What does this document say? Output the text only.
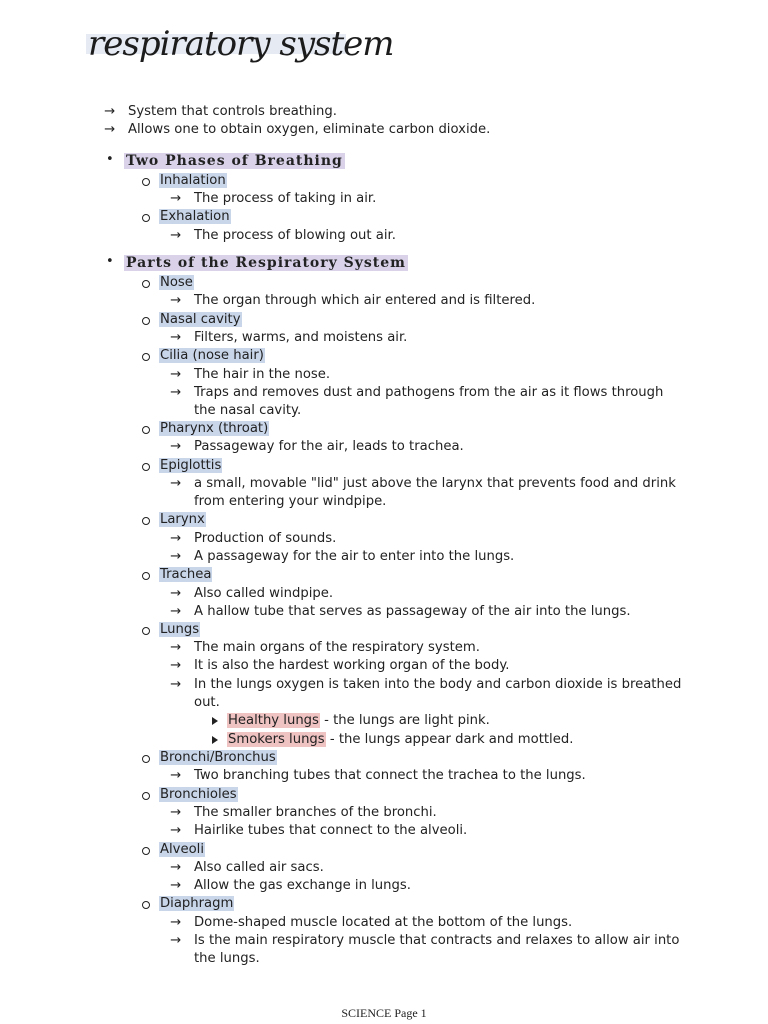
respiratory system
→ System that controls breathing.
→ Allows one to obtain oxygen, eliminate carbon dioxide.
• Two Phases of Breathing
Inhalation
→ The process of taking in air.
Exhalation
→ The process of blowing out air.
• Parts of the Respiratory System
Nose
→ The organ through which air entered and is filtered.
Nasal cavity
→ Filters, warms, and moistens air.
Cilia (nose hair)
→ The hair in the nose.
→ Traps and removes dust and pathogens from the air as it flows through
the nasal cavity.
Pharynx (throat)
→ Passageway for the air, leads to trachea.
Epiglottis
→ a small, movable "lid" just above the larynx that prevents food and drink
from entering your windpipe.
Larynx
→ Production of sounds.
→ A passageway for the air to enter into the lungs.
Trachea
→ Also called windpipe.
→ A hallow tube that serves as passageway of the air into the lungs.
Lungs
→ The main organs of the respiratory system.
→ It is also the hardest working organ of the body.
→ In the lungs oxygen is taken into the body and carbon dioxide is breathed
out.
Healthy lungs - the lungs are light pink.
Smokers lungs - the lungs appear dark and mottled.
Bronchi/Bronchus
→ Two branching tubes that connect the trachea to the lungs.
Bronchioles
→ The smaller branches of the bronchi.
→ Hairlike tubes that connect to the alveoli.
Alveoli
→ Also called air sacs.
→ Allow the gas exchange in lungs.
Diaphragm
→ Dome-shaped muscle located at the bottom of the lungs.
→ Is the main respiratory muscle that contracts and relaxes to allow air into
the lungs.
SCIENCE Page 1
